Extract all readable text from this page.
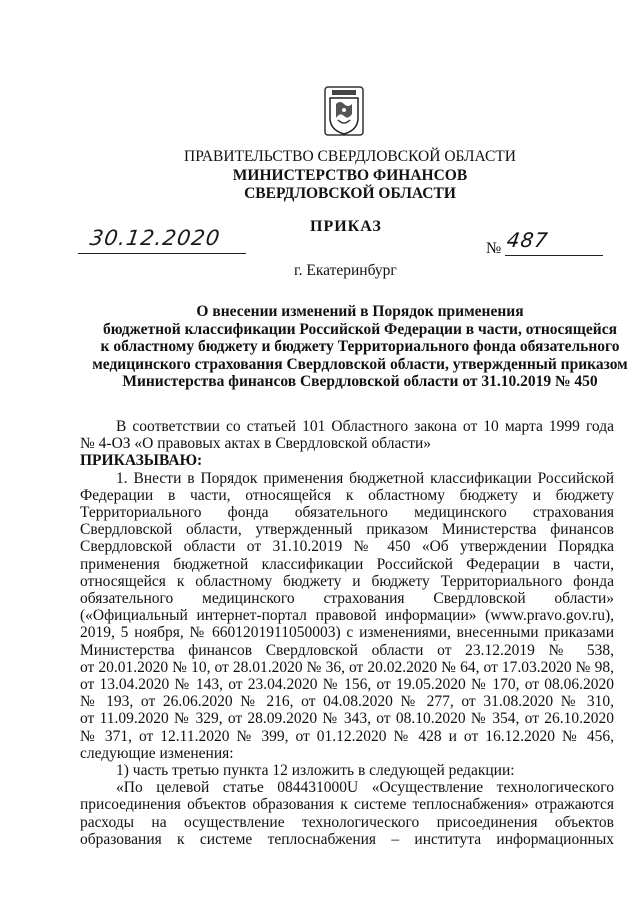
ПРАВИТЕЛЬСТВО СВЕРДЛОВСКОЙ ОБЛАСТИ
МИНИСТЕРСТВО ФИНАНСОВ
СВЕРДЛОВСКОЙ ОБЛАСТИ
ПРИКАЗ
30.12.2020	№ 487
г. Екатеринбург
О внесении изменений в Порядок применения
бюджетной классификации Российской Федерации в части, относящейся
к областному бюджету и бюджету Территориального фонда обязательного
медицинского страхования Свердловской области, утвержденный приказом
Министерства финансов Свердловской области от 31.10.2019 № 450
В соответствии со статьей 101 Областного закона от 10 марта 1999 года
№ 4-ОЗ «О правовых актах в Свердловской области»
ПРИКАЗЫВАЮ:
1. Внести в Порядок применения бюджетной классификации Российской
Федерации в части, относящейся к областному бюджету и бюджету
Территориального фонда обязательного медицинского страхования
Свердловской области, утвержденный приказом Министерства финансов
Свердловской области от 31.10.2019 № 450 «Об утверждении Порядка
применения бюджетной классификации Российской Федерации в части,
относящейся к областному бюджету и бюджету Территориального фонда
обязательного медицинского страхования Свердловской области»
(«Официальный интернет-портал правовой информации» (www.pravo.gov.ru),
2019, 5 ноября, № 6601201911050003) с изменениями, внесенными приказами
Министерства финансов Свердловской области от 23.12.2019 № 538,
от 20.01.2020 № 10, от 28.01.2020 № 36, от 20.02.2020 № 64, от 17.03.2020 № 98,
от 13.04.2020 № 143, от 23.04.2020 № 156, от 19.05.2020 № 170, от 08.06.2020
№ 193, от 26.06.2020 № 216, от 04.08.2020 № 277, от 31.08.2020 № 310,
от 11.09.2020 № 329, от 28.09.2020 № 343, от 08.10.2020 № 354, от 26.10.2020
№ 371, от 12.11.2020 № 399, от 01.12.2020 № 428 и от 16.12.2020 № 456,
следующие изменения:
1) часть третью пункта 12 изложить в следующей редакции:
«По целевой статье 084431000U «Осуществление технологического
присоединения объектов образования к системе теплоснабжения» отражаются
расходы на осуществление технологического присоединения объектов
образования к системе теплоснабжения – института информационных
